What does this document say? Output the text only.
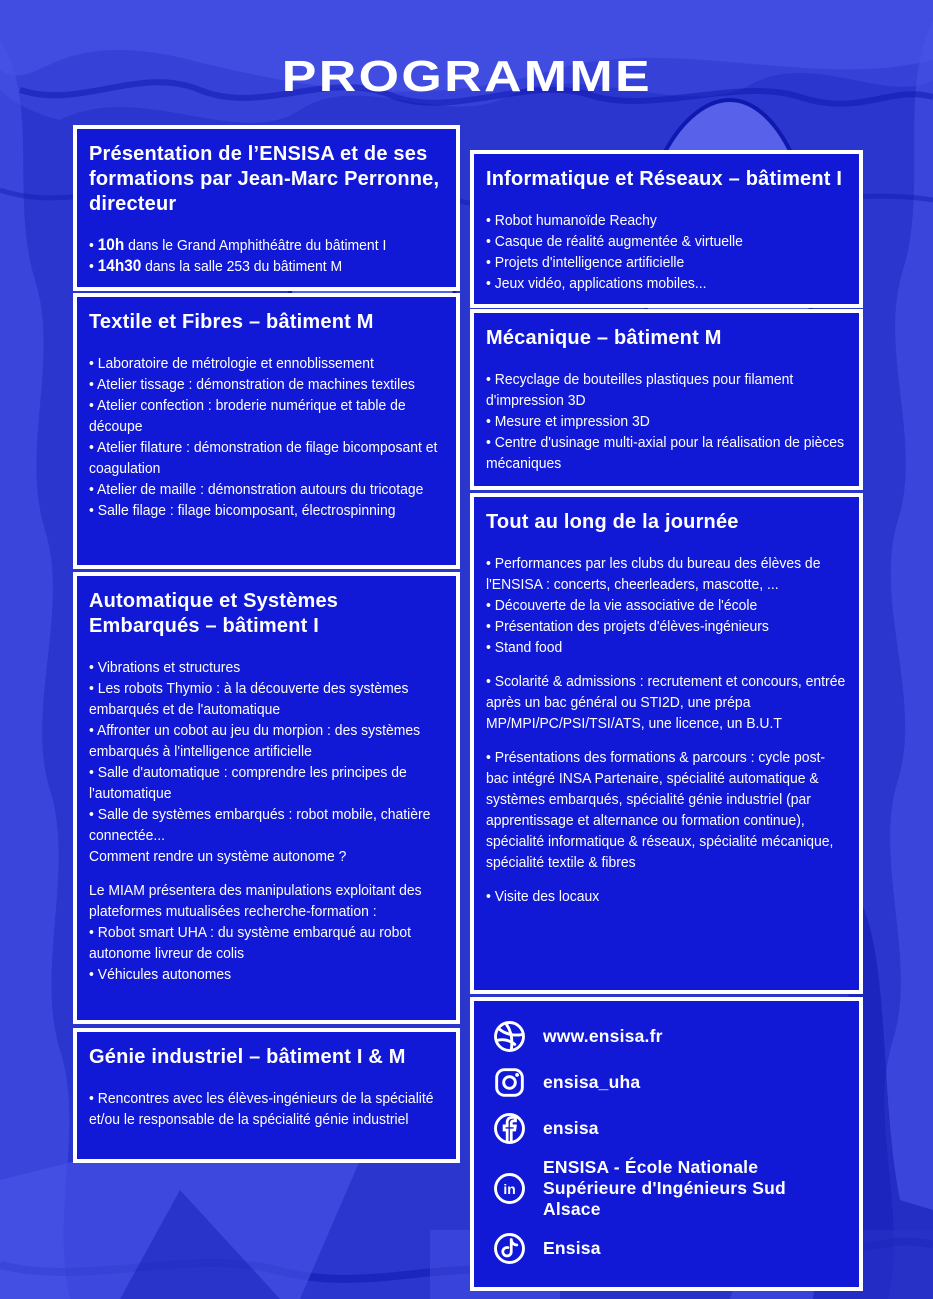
PROGRAMME
Présentation de l’ENSISA et de ses formations par Jean-Marc Perronne, directeur

• 10h dans le Grand Amphithéâtre du bâtiment I

• 14h30 dans la salle 253 du bâtiment M

Textile et Fibres – bâtiment M

• Laboratoire de métrologie et ennoblissement

• Atelier tissage : démonstration de machines textiles

• Atelier confection : broderie numérique et table de découpe

• Atelier filature : démonstration de filage bicomposant et coagulation

• Atelier de maille : démonstration autours du tricotage

• Salle filage : filage bicomposant, électrospinning

Automatique et Systèmes Embarqués – bâtiment I

• Vibrations et structures

• Les robots Thymio : à la découverte des systèmes embarqués et de l'automatique

• Affronter un cobot au jeu du morpion : des systèmes embarqués à l'intelligence artificielle

• Salle d'automatique : comprendre les principes de l'automatique

• Salle de systèmes embarqués : robot mobile, chatière connectée...

Comment rendre un système autonome ?

Le MIAM présentera des manipulations exploitant des plateformes mutualisées recherche-formation :

• Robot smart UHA : du système embarqué au robot autonome livreur de colis

• Véhicules autonomes

Génie industriel – bâtiment I & M

• Rencontres avec les élèves-ingénieurs de la spécialité et/ou le responsable de la spécialité génie industriel

Informatique et Réseaux – bâtiment I

• Robot humanoïde Reachy

• Casque de réalité augmentée & virtuelle

• Projets d'intelligence artificielle

• Jeux vidéo, applications mobiles...

Mécanique – bâtiment M

• Recyclage de bouteilles plastiques pour filament d'impression 3D

• Mesure et impression 3D

• Centre d'usinage multi-axial pour la réalisation de pièces mécaniques

Tout au long de la journée

• Performances par les clubs du bureau des élèves de l'ENSISA : concerts, cheerleaders, mascotte, ...

• Découverte de la vie associative de l'école

• Présentation des projets d'élèves-ingénieurs

• Stand food

• Scolarité & admissions : recrutement et concours, entrée après un bac général ou STI2D, une prépa MP/MPI/PC/PSI/TSI/ATS, une licence, un B.U.T

• Présentations des formations & parcours : cycle post-bac intégré INSA Partenaire, spécialité automatique & systèmes embarqués, spécialité génie industriel (par apprentissage et alternance ou formation continue), spécialité informatique & réseaux, spécialité mécanique, spécialité textile & fibres

• Visite des locaux

www.ensisa.fr
ensisa_uha
ensisa
in
ENSISA - École Nationale
Supérieure d'Ingénieurs Sud Alsace
Ensisa
